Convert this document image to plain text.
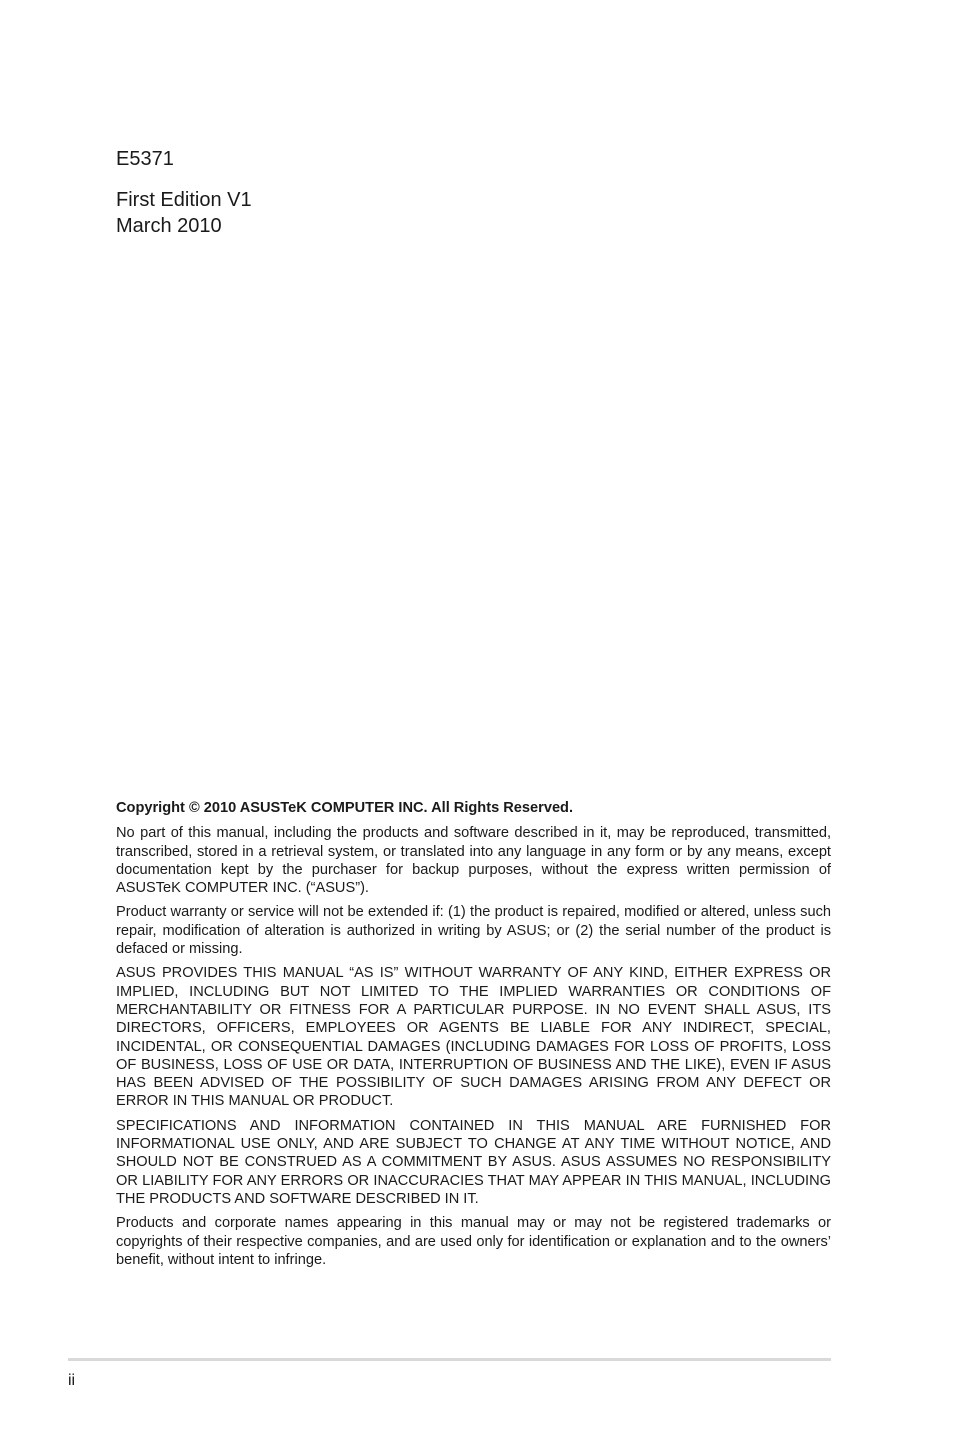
E5371
First Edition V1
March 2010

Copyright © 2010 ASUSTeK COMPUTER INC. All Rights Reserved.

No part of this manual, including the products and software described in it, may be reproduced, transmitted, transcribed, stored in a retrieval system, or translated into any language in any form or by any means, except documentation kept by the purchaser for backup purposes, without the express written permission of ASUSTeK COMPUTER INC. (“ASUS”).

Product warranty or service will not be extended if: (1) the product is repaired, modified or altered, unless such repair, modification of alteration is authorized in writing by ASUS; or (2) the serial number of the product is defaced or missing.

ASUS PROVIDES THIS MANUAL “AS IS” WITHOUT WARRANTY OF ANY KIND, EITHER EXPRESS OR IMPLIED, INCLUDING BUT NOT LIMITED TO THE IMPLIED WARRANTIES OR CONDITIONS OF MERCHANTABILITY OR FITNESS FOR A PARTICULAR PURPOSE. IN NO EVENT SHALL ASUS, ITS DIRECTORS, OFFICERS, EMPLOYEES OR AGENTS BE LIABLE FOR ANY INDIRECT, SPECIAL, INCIDENTAL, OR CONSEQUENTIAL DAMAGES (INCLUDING DAMAGES FOR LOSS OF PROFITS, LOSS OF BUSINESS, LOSS OF USE OR DATA, INTERRUPTION OF BUSINESS AND THE LIKE), EVEN IF ASUS HAS BEEN ADVISED OF THE POSSIBILITY OF SUCH DAMAGES ARISING FROM ANY DEFECT OR ERROR IN THIS MANUAL OR PRODUCT.

SPECIFICATIONS AND INFORMATION CONTAINED IN THIS MANUAL ARE FURNISHED FOR INFORMATIONAL USE ONLY, AND ARE SUBJECT TO CHANGE AT ANY TIME WITHOUT NOTICE, AND SHOULD NOT BE CONSTRUED AS A COMMITMENT BY ASUS. ASUS ASSUMES NO RESPONSIBILITY OR LIABILITY FOR ANY ERRORS OR INACCURACIES THAT MAY APPEAR IN THIS MANUAL, INCLUDING THE PRODUCTS AND SOFTWARE DESCRIBED IN IT.

Products and corporate names appearing in this manual may or may not be registered trademarks or copyrights of their respective companies, and are used only for identification or explanation and to the owners’ benefit, without intent to infringe.

ii
